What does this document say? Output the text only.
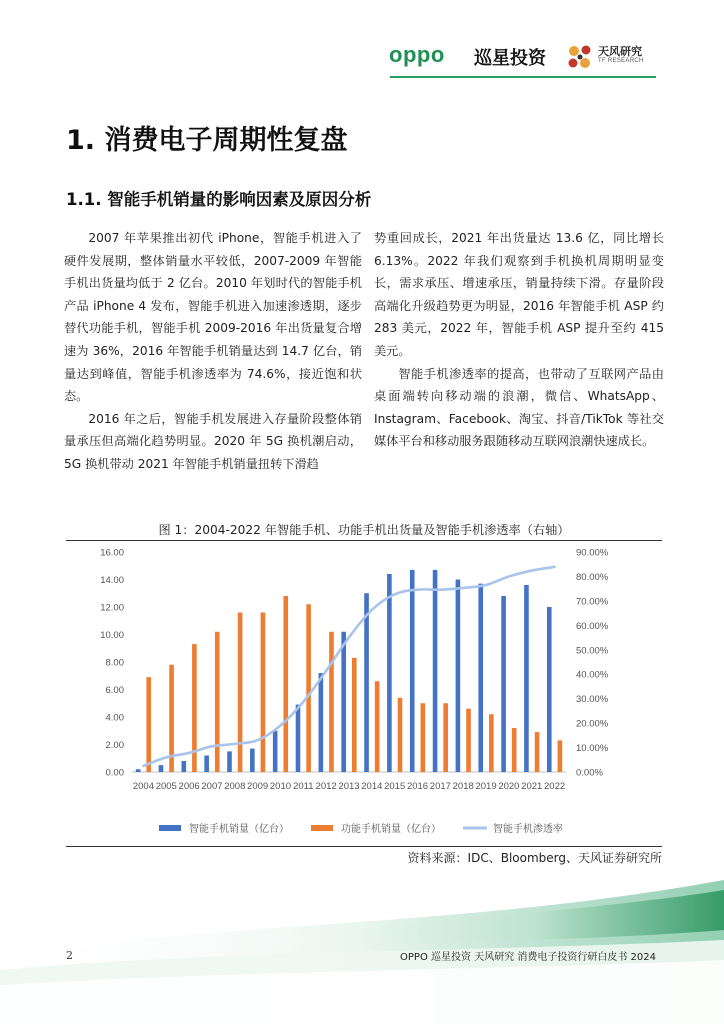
oppo 巡星投资	天风研究
TF RESEARCH
1. 消费电子周期性复盘
1.1. 智能手机销量的影响因素及原因分析

2007 年苹果推出初代 iPhone，智能手机进入了硬件发展期，整体销量水平较低，2007-2009 年智能手机出货量均低于 2 亿台。2010 年划时代的智能手机产品 iPhone 4 发布，智能手机进入加速渗透期，逐步替代功能手机，智能手机 2009-2016 年出货量复合增速为 36%，2016 年智能手机销量达到 14.7 亿台，销量达到峰值，智能手机渗透率为 74.6%，接近饱和状态。

2016 年之后，智能手机发展进入存量阶段整体销量承压但高端化趋势明显。2020 年 5G 换机潮启动，5G 换机带动 2021 年智能手机销量扭转下滑趋

势重回成长，2021 年出货量达 13.6 亿，同比增长 6.13%。2022 年我们观察到手机换机周期明显变长，需求承压、增速承压，销量持续下滑。存量阶段高端化升级趋势更为明显，2016 年智能手机 ASP 约 283 美元，2022 年，智能手机 ASP 提升至约 415 美元。

智能手机渗透率的提高，也带动了互联网产品由桌面端转向移动端的浪潮，微信、WhatsApp、Instagram、Facebook、淘宝、抖音/TikTok 等社交媒体平台和移动服务跟随移动互联网浪潮快速成长。

图 1：2004-2022 年智能手机、功能手机出货量及智能手机渗透率（右轴）
0.00
2.00
4.00
6.00
8.00
10.00
12.00
14.00
16.00
0.00%
10.00%
20.00%
30.00%
40.00%
50.00%
60.00%
70.00%
80.00%
90.00%
2004 2005 2006 2007 2008 2009 2010 2011 2012 2013 2014 2015 2016 2017 2018 2019 2020 2021 2022
智能手机销量（亿台）	功能手机销量（亿台）	智能手机渗透率
资料来源：IDC、Bloomberg、天风证券研究所
2	OPPO 巡星投资 天风研究 消费电子投资行研白皮书 2024
